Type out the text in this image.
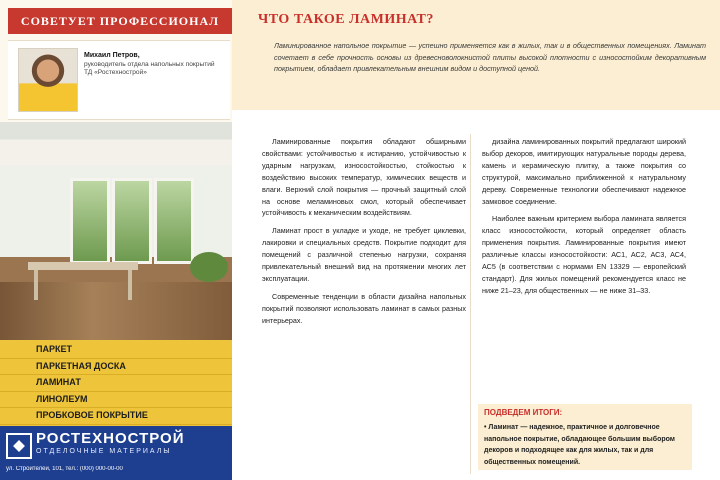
СОВЕТУЕТ ПРОФЕССИОНАЛ
Михаил Петров,
руководитель отдела напольных покрытий ТД «Ростехнострой»
ПАРКЕТ
ПАРКЕТНАЯ ДОСКА
ЛАМИНАТ
ЛИНОЛЕУМ
ПРОБКОВОЕ ПОКРЫТИЕ
РОСТЕХНОСТРОЙ
ОТДЕЛОЧНЫЕ МАТЕРИАЛЫ
ул. Строителей, 101, тел.: (000) 000-00-00
ЧТО ТАКОЕ ЛАМИНАТ?
Ламинированное напольное покрытие — успешно применяется как в жилых, так и в общественных помещениях. Ламинат сочетает в себе прочность основы из древесноволокнистой плиты высокой плотности с износостойким декоративным покрытием, обладает привлекательным внешним видом и доступной ценой.

Ламинированные покрытия обладают обширными свойствами: устойчивостью к истиранию, устойчивостью к ударным нагрузкам, износостойкостью, стойкостью к воздействию высоких температур, химических веществ и влаги. Верхний слой покрытия — прочный защитный слой на основе меламиновых смол, который обеспечивает устойчивость к механическим воздействиям.

Ламинат прост в укладке и уходе, не требует циклевки, лакировки и специальных средств. Покрытие подходит для помещений с различной степенью нагрузки, сохраняя привлекательный внешний вид на протяжении многих лет эксплуатации.

Современные тенденции в области дизайна напольных покрытий позволяют использовать ламинат в самых разных интерьерах.

дизайна ламинированных покрытий предлагают широкий выбор декоров, имитирующих натуральные породы дерева, камень и керамическую плитку, а также покрытия со структурой, максимально приближенной к натуральному дереву. Современные технологии обеспечивают надежное замковое соединение.

Наиболее важным критерием выбора ламината является класс износостойкости, который определяет область применения покрытия. Ламинированные покрытия имеют различные классы износостойкости: АС1, АС2, АС3, АС4, АС5 (в соответствии с нормами EN 13329 — европейский стандарт). Для жилых помещений рекомендуется класс не ниже 21–23, для общественных — не ниже 31–33.

ПОДВЕДЕМ ИТОГИ:
• Ламинат — надежное, практичное и долговечное напольное покрытие, обладающее большим выбором декоров и подходящее как для жилых, так и для общественных помещений.
